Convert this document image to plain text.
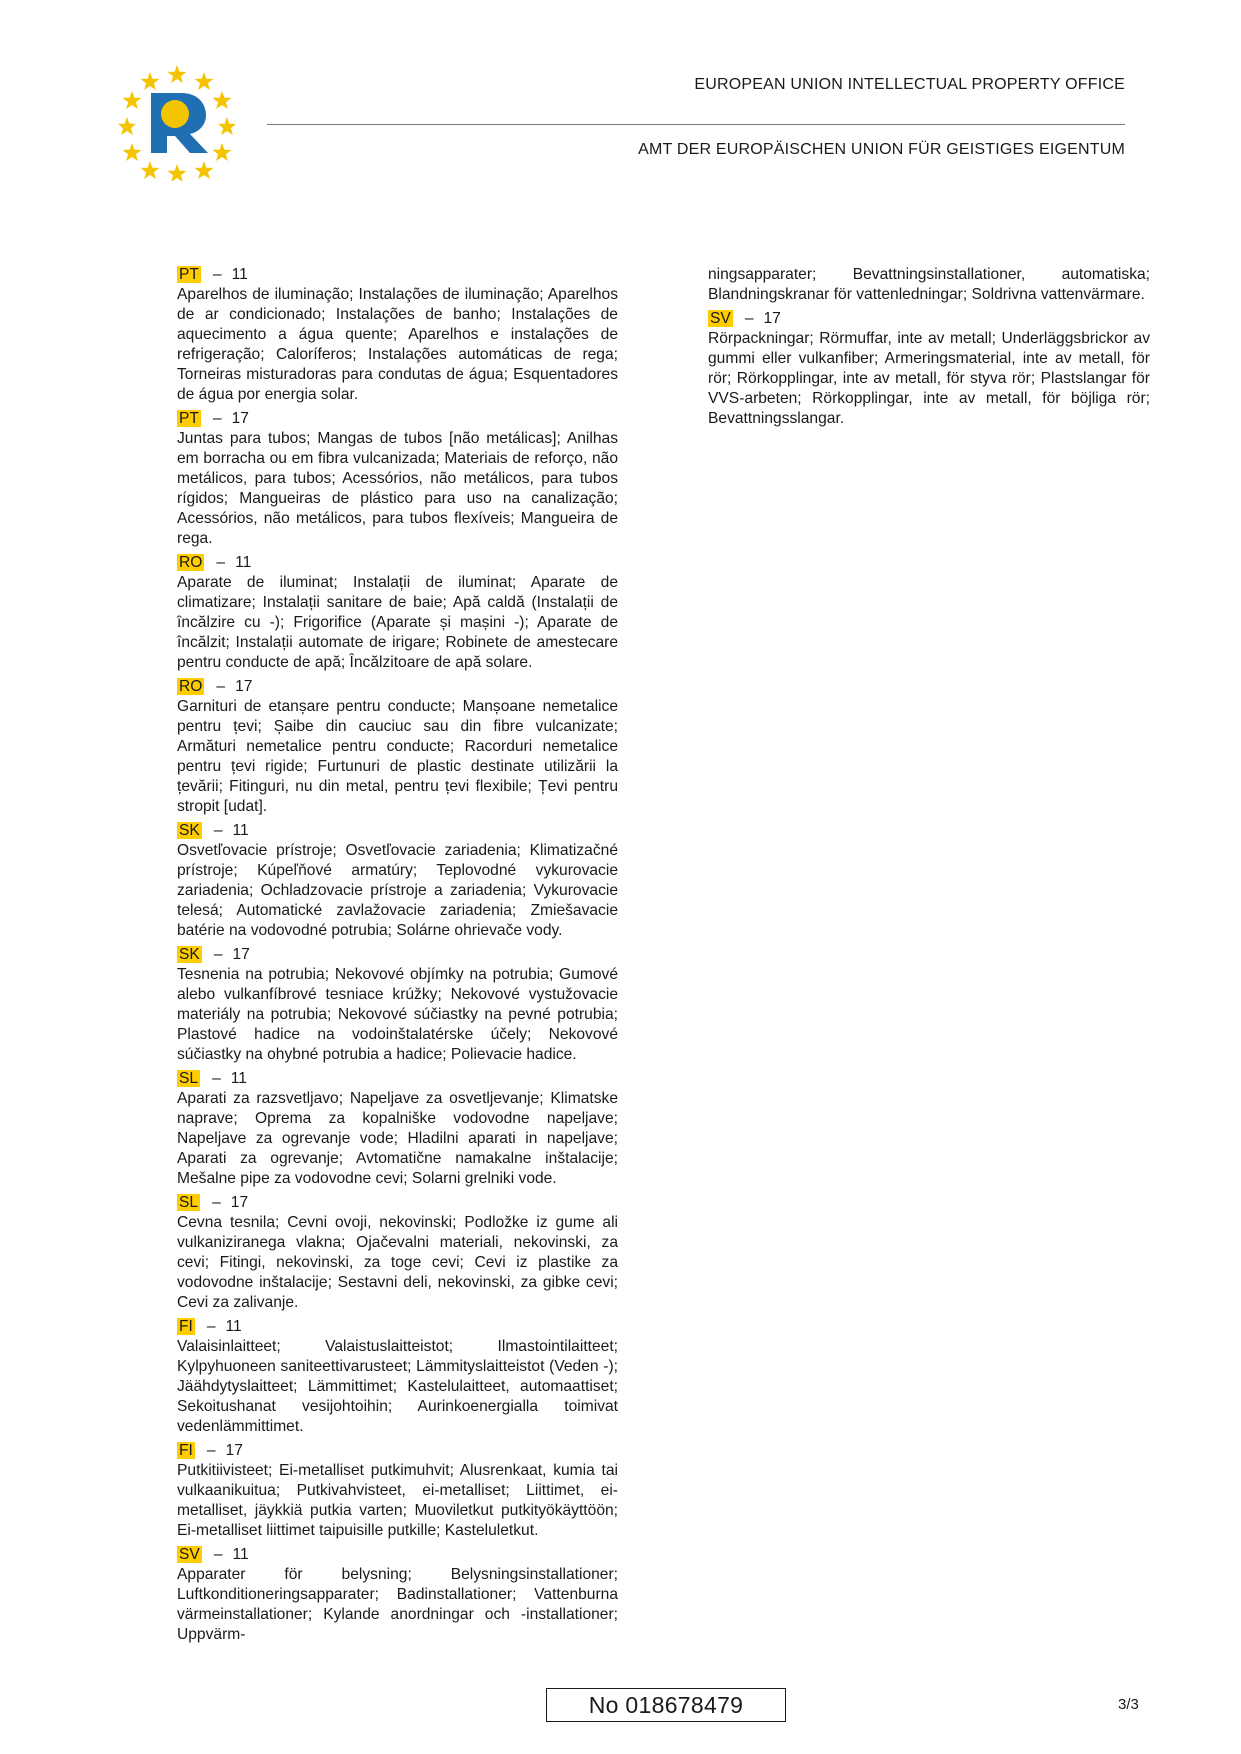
EUROPEAN UNION INTELLECTUAL PROPERTY OFFICE
AMT DER EUROPÄISCHEN UNION FÜR GEISTIGES EIGENTUM

PT – 11

Aparelhos de iluminação; Instalações de iluminação; Aparelhos de ar condicionado; Instalações de banho; Instalações de aquecimento a água quente; Aparelhos e instalações de refrigeração; Caloríferos; Instalações automáticas de rega; Torneiras misturadoras para condutas de água; Esquentadores de água por energia solar.

PT – 17

Juntas para tubos; Mangas de tubos [não metálicas]; Anilhas em borracha ou em fibra vulcanizada; Materiais de reforço, não metálicos, para tubos; Acessórios, não metálicos, para tubos rígidos; Mangueiras de plástico para uso na canalização; Acessórios, não metálicos, para tubos flexíveis; Mangueira de rega.

RO – 11

Aparate de iluminat; Instalații de iluminat; Aparate de climatizare; Instalații sanitare de baie; Apă caldă (Instalații de încălzire cu -); Frigorifice (Aparate și mașini -); Aparate de încălzit; Instalații automate de irigare; Robinete de amestecare pentru conducte de apă; Încălzitoare de apă solare.

RO – 17

Garnituri de etanșare pentru conducte; Manșoane nemetalice pentru țevi; Șaibe din cauciuc sau din fibre vulcanizate; Armături nemetalice pentru conducte; Racorduri nemetalice pentru țevi rigide; Furtunuri de plastic destinate utilizării la țevării; Fitinguri, nu din metal, pentru țevi flexibile; Țevi pentru stropit [udat].

SK – 11

Osvetľovacie prístroje; Osvetľovacie zariadenia; Klimatizačné prístroje; Kúpeľňové armatúry; Teplovodné vykurovacie zariadenia; Ochladzovacie prístroje a zariadenia; Vykurovacie telesá; Automatické zavlažovacie zariadenia; Zmiešavacie batérie na vodovodné potrubia; Solárne ohrievače vody.

SK – 17

Tesnenia na potrubia; Nekovové objímky na potrubia; Gumové alebo vulkanfíbrové tesniace krúžky; Nekovové vystužovacie materiály na potrubia; Nekovové súčiastky na pevné potrubia; Plastové hadice na vodoinštalatérske účely; Nekovové súčiastky na ohybné potrubia a hadice; Polievacie hadice.

SL – 11

Aparati za razsvetljavo; Napeljave za osvetljevanje; Klimatske naprave; Oprema za kopalniške vodovodne napeljave; Napeljave za ogrevanje vode; Hladilni aparati in napeljave; Aparati za ogrevanje; Avtomatične namakalne inštalacije; Mešalne pipe za vodovodne cevi; Solarni grelniki vode.

SL – 17

Cevna tesnila; Cevni ovoji, nekovinski; Podložke iz gume ali vulkaniziranega vlakna; Ojačevalni materiali, nekovinski, za cevi; Fitingi, nekovinski, za toge cevi; Cevi iz plastike za vodovodne inštalacije; Sestavni deli, nekovinski, za gibke cevi; Cevi za zalivanje.

FI – 11

Valaisinlaitteet; Valaistuslaitteistot; Ilmastointilaitteet; Kylpyhuoneen saniteettivarusteet; Lämmityslaitteistot (Veden -); Jäähdytyslaitteet; Lämmittimet; Kastelulaitteet, automaattiset; Sekoitushanat vesijohtoihin; Aurinkoenergialla toimivat vedenlämmittimet.

FI – 17

Putkitiivisteet; Ei-metalliset putkimuhvit; Alusrenkaat, kumia tai vulkaanikuitua; Putkivahvisteet, ei-metalliset; Liittimet, ei-metalliset, jäykkiä putkia varten; Muoviletkut putkityökäyttöön; Ei-metalliset liittimet taipuisille putkille; Kasteluletkut.

SV – 11

Apparater för belysning; Belysningsinstallationer; Luftkonditioneringsapparater; Badinstallationer; Vattenburna värmeinstallationer; Kylande anordningar och -installationer; Uppvärm-

ningsapparater; Bevattningsinstallationer, automatiska; Blandningskranar för vattenledningar; Soldrivna vattenvärmare.

SV – 17

Rörpackningar; Rörmuffar, inte av metall; Underläggsbrickor av gummi eller vulkanfiber; Armeringsmaterial, inte av metall, för rör; Rörkopplingar, inte av metall, för styva rör; Plastslangar för VVS-arbeten; Rörkopplingar, inte av metall, för böjliga rör; Bevattningsslangar.

No 018678479	3/3
